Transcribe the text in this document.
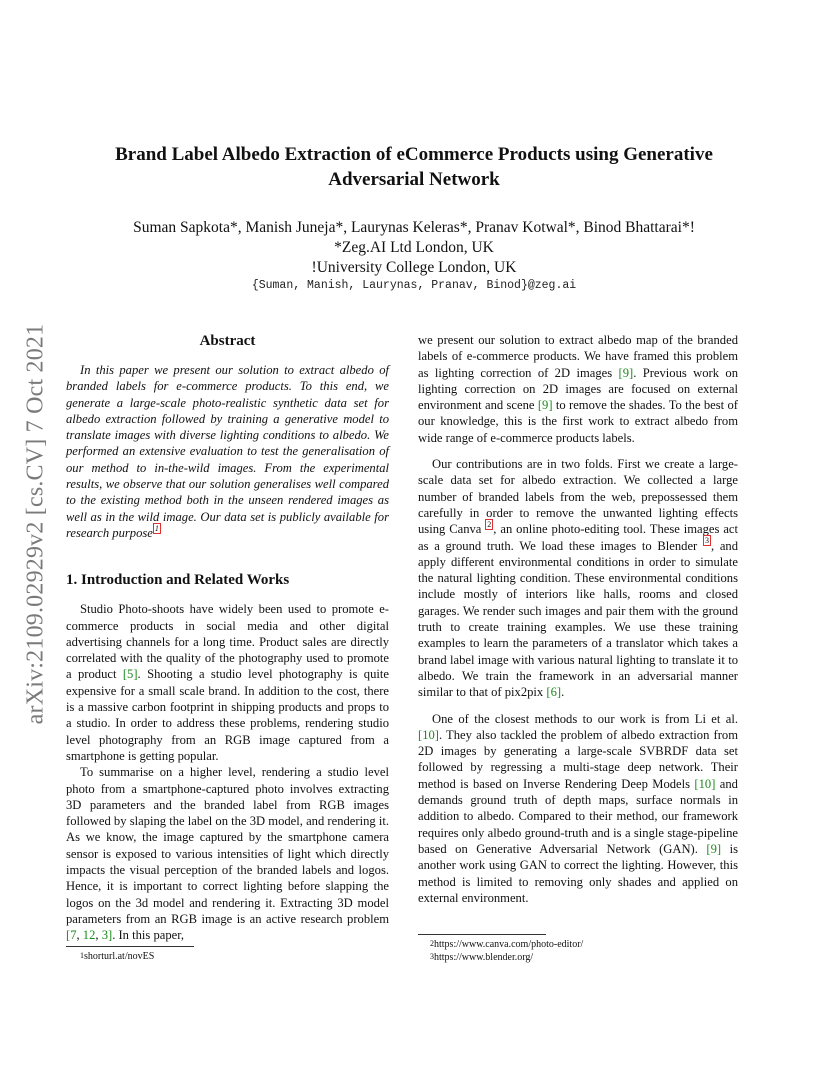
arXiv:2109.02929v2 [cs.CV] 7 Oct 2021
Brand Label Albedo Extraction of eCommerce Products using Generative
Adversarial Network
Suman Sapkota*, Manish Juneja*, Laurynas Keleras*, Pranav Kotwal*, Binod Bhattarai*!
*Zeg.AI Ltd London, UK
!University College London, UK
{Suman, Manish, Laurynas, Pranav, Binod}@zeg.ai
Abstract

In this paper we present our solution to extract albedo of branded labels for e-commerce products. To this end, we generate a large-scale photo-realistic synthetic data set for albedo extraction followed by training a generative model to translate images with diverse lighting conditions to albedo. We performed an extensive evaluation to test the generalisation of our method to in-the-wild images. From the experimental results, we observe that our solution generalises well compared to the existing method both in the unseen rendered images as well as in the wild image. Our data set is publicly available for research purpose $^1$

1. Introduction and Related Works

Studio Photo-shoots have widely been used to promote e-commerce products in social media and other digital advertising channels for a long time. Product sales are directly correlated with the quality of the photography used to promote a product [5]. Shooting a studio level photography is quite expensive for a small scale brand. In addition to the cost, there is a massive carbon footprint in shipping products and props to a studio. In order to address these problems, rendering studio level photography from an RGB image captured from a smartphone is getting popular.

To summarise on a higher level, rendering a studio level photo from a smartphone-captured photo involves extracting 3D parameters and the branded label from RGB images followed by slaping the label on the 3D model, and rendering it. As we know, the image captured by the smartphone camera sensor is exposed to various intensities of light which directly impacts the visual perception of the branded labels and logos. Hence, it is important to correct lighting before slapping the logos on the 3d model and rendering it. Extracting 3D model parameters from an RGB image is an active research problem [7, 12, 3]. In this paper,

we present our solution to extract albedo map of the branded labels of e-commerce products. We have framed this problem as lighting correction of 2D images [9]. Previous work on lighting correction on 2D images are focused on external environment and scene [9] to remove the shades. To the best of our knowledge, this is the first work to extract albedo from wide range of e-commerce products labels.

Our contributions are in two folds. First we create a large-scale data set for albedo extraction. We collected a large number of branded labels from the web, prepossessed them carefully in order to remove the unwanted lighting effects using Canva $^2$ , an online photo-editing tool. These images act as a ground truth. We load these images to Blender $^3$ , and apply different environmental conditions in order to simulate the natural lighting condition. These environmental conditions include mostly of interiors like halls, rooms and closed garages. We render such images and pair them with the ground truth to create training examples. We use these training examples to learn the parameters of a translator which takes a brand label image with various natural lighting to translate it to albedo. We train the framework in an adversarial manner similar to that of pix2pix [6].

One of the closest methods to our work is from Li et al. [10]. They also tackled the problem of albedo extraction from 2D images by generating a large-scale SVBRDF data set followed by regressing a multi-stage deep network. Their method is based on Inverse Rendering Deep Models [10] and demands ground truth of depth maps, surface normals in addition to albedo. Compared to their method, our framework requires only albedo ground-truth and is a single stage-pipeline based on Generative Adversarial Network (GAN). [9] is another work using GAN to correct the lighting. However, this method is limited to removing only shades and applied on external environment.

$^1$shorturl.at/novES
$^2$https://www.canva.com/photo-editor/
$^3$https://www.blender.org/
